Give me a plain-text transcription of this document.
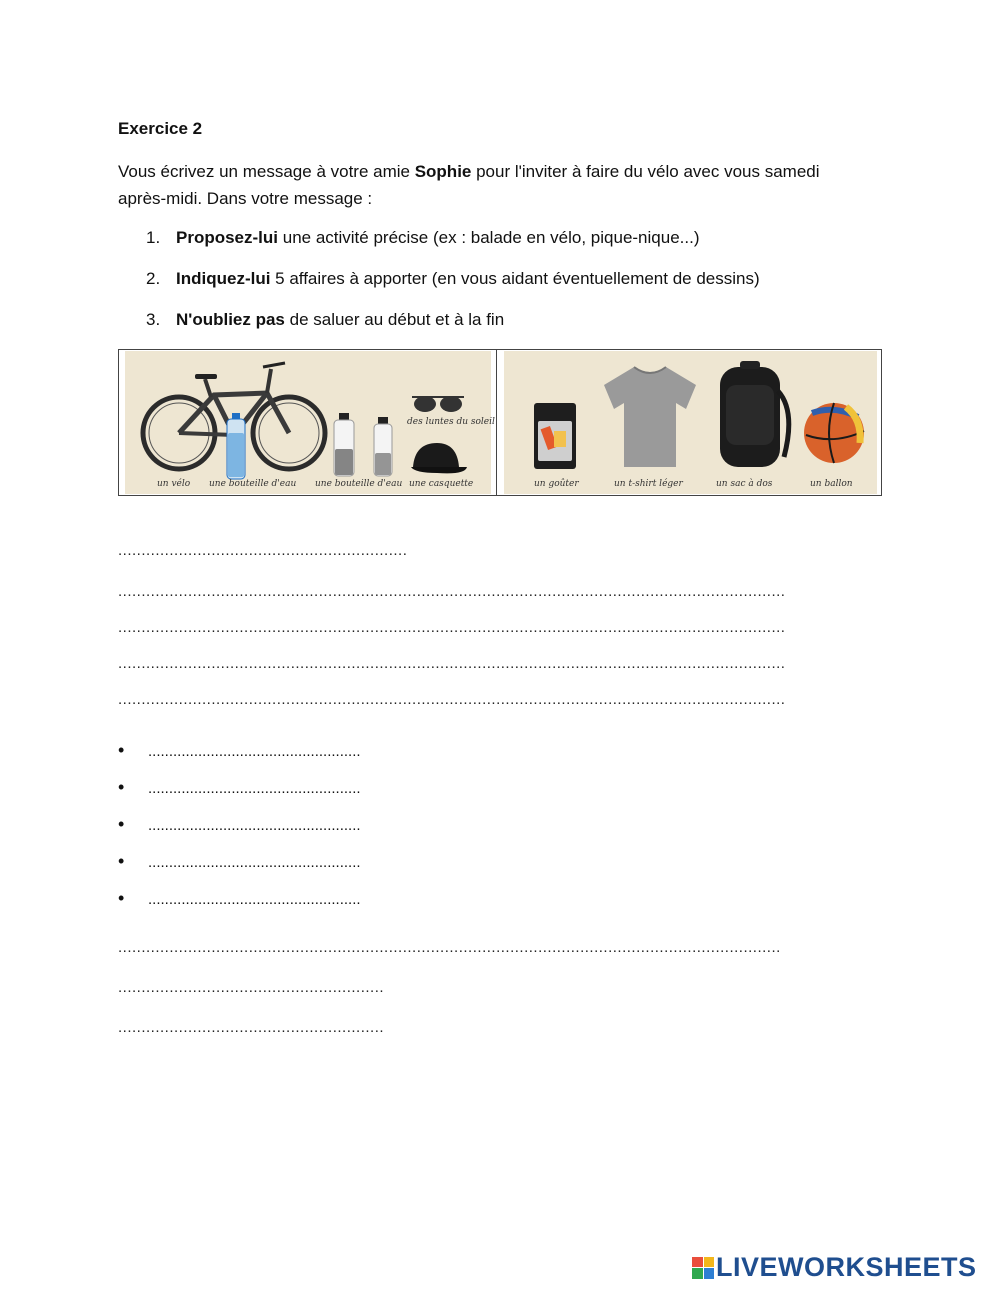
Exercice 2
Vous écrivez un message à votre amie Sophie pour l'inviter à faire du vélo avec vous samedi après-midi. Dans votre message :
1. Proposez-lui une activité précise (ex : balade en vélo, pique-nique...)
2. Indiquez-lui 5 affaires à apporter (en vous aidant éventuellement de dessins)
3. N'oubliez pas de saluer au début et à la fin
des luntes du soleil
un vélo une bouteille d'eau une bouteille d'eau une casquette	un goûter	un t-shirt léger	un sac à dos	un ballon
..............................................................
...............................................................................................................................................
...............................................................................................................................................
...............................................................................................................................................
...............................................................................................................................................
• ...................................................
• ...................................................
• ...................................................
• ...................................................
• ...................................................
..............................................................................................................................................
.........................................................
.........................................................
LIVEWORKSHEETS
